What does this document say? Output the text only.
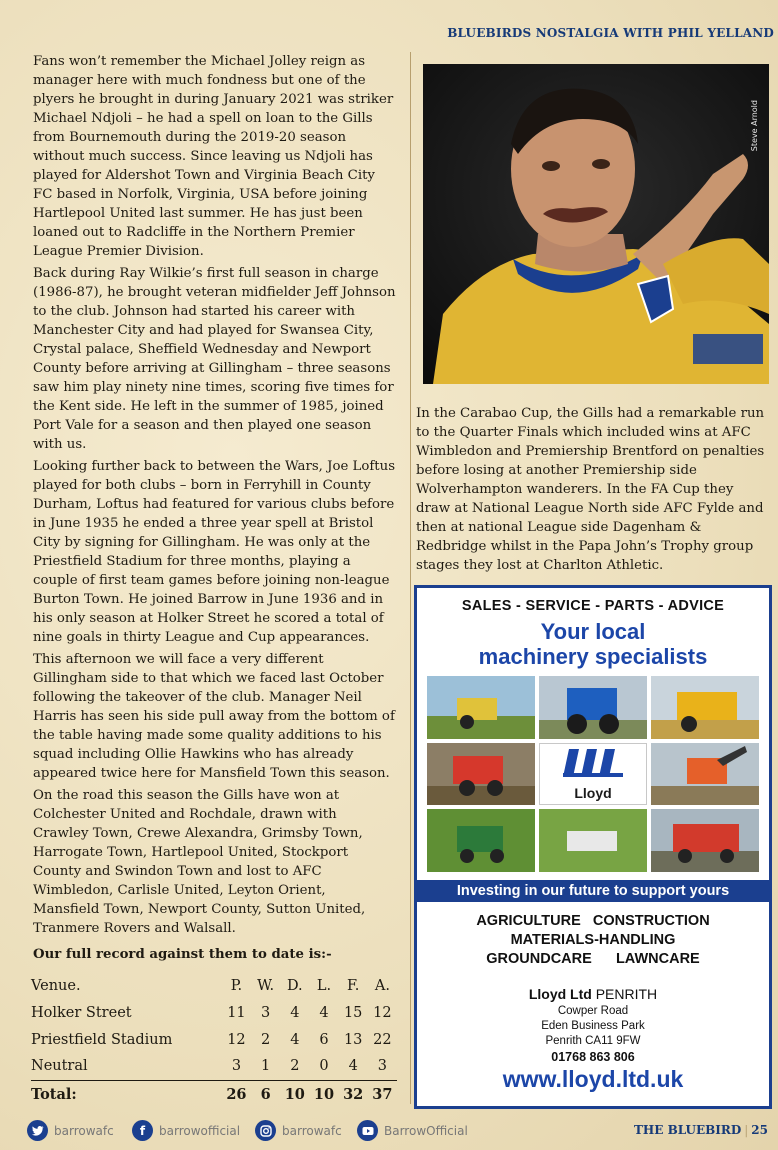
BLUEBIRDS NOSTALGIA WITH PHIL YELLAND

Fans won’t remember the Michael Jolley reign as manager here with much fondness but one of the plyers he brought in during January 2021 was striker Michael Ndjoli – he had a spell on loan to the Gills from Bournemouth during the 2019-20 season without much success. Since leaving us Ndjoli has played for Aldershot Town and Virginia Beach City FC based in Norfolk, Virginia, USA before joining Hartlepool United last summer. He has just been loaned out to Radcliffe in the Northern Premier League Premier Division.

Back during Ray Wilkie’s first full season in charge (1986-87), he brought veteran midfielder Jeff Johnson to the club. Johnson had started his career with Manchester City and had played for Swansea City, Crystal palace, Sheffield Wednesday and Newport County before arriving at Gillingham – three seasons saw him play ninety nine times, scoring five times for the Kent side. He left in the summer of 1985, joined Port Vale for a season and then played one season with us.

Looking further back to between the Wars, Joe Loftus played for both clubs – born in Ferryhill in County Durham, Loftus had featured for various clubs before in June 1935 he ended a three year spell at Bristol City by signing for Gillingham. He was only at the Priestfield Stadium for three months, playing a couple of first team games before joining non-league Burton Town. He joined Barrow in June 1936 and in his only season at Holker Street he scored a total of nine goals in thirty League and Cup appearances.

This afternoon we will face a very different Gillingham side to that which we faced last October following the takeover of the club. Manager Neil Harris has seen his side pull away from the bottom of the table having made some quality additions to his squad including Ollie Hawkins who has already appeared twice here for Mansfield Town this season.

On the road this season the Gills have won at Colchester United and Rochdale, drawn with Crawley Town, Crewe Alexandra, Grimsby Town, Harrogate Town, Hartlepool United, Stockport County and Swindon Town and lost to AFC Wimbledon, Carlisle United, Leyton Orient, Mansfield Town, Newport County, Sutton United, Tranmere Rovers and Walsall.

Steve Arnold
In the Carabao Cup, the Gills had a remarkable run to the Quarter Finals which included wins at AFC Wimbledon and Premiership Brentford on penalties before losing at another Premiership side Wolverhampton wanderers. In the FA Cup they draw at National League North side AFC Fylde and then at national League side Dagenham & Redbridge whilst in the Papa John’s Trophy group stages they lost at Charlton Athletic.
SALES - SERVICE - PARTS - ADVICE
Your local
machinery specialists
Lloyd
Investing in our future to support yours
AGRICULTURE   CONSTRUCTION
MATERIALS-HANDLING
GROUNDCARE      LAWNCARE
Lloyd Ltd PENRITH
Cowper Road
Eden Business Park
Penrith CA11 9FW
01768 863 806
www.lloyd.ltd.uk
Our full record against them to date is:-
Venue.	P.	W.	D.	L.	F.	A.
Holker Street	11	3	4	4	15	12
Priestfield Stadium	12	2	4	6	13	22
Neutral	3	1	2	0	4	3
Total:	26	6	10	10	32	37
barrowafc	f	barrowofficial	barrowafc	BarrowOfficial	THE BLUEBIRD | 25
